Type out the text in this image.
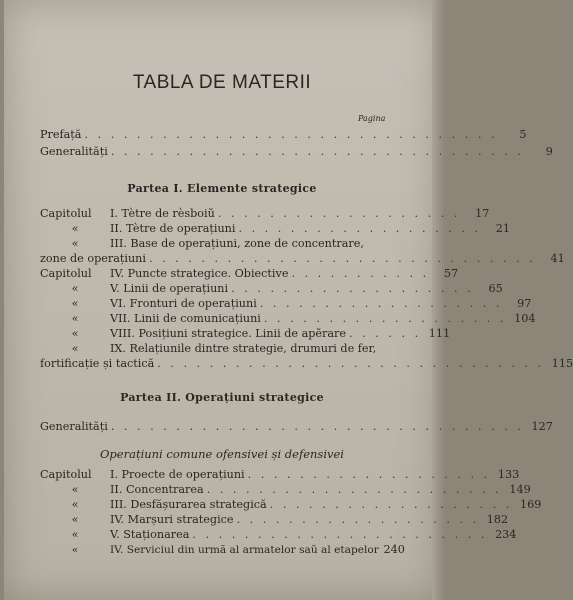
TABLA DE MATERII
Pagina
Prefață . . . . . . . . . . . . . . . . . . . . . . . . . . . . . . . .	5
Generalități . . . . . . . . . . . . . . . . . . . . . . . . . . . . . . . .	9
Partea I. Elemente strategice
Capitolul I. Tètre de rèsboiŭ . . . . . . . . . . . . . . . . . . .	17
«	II. Tètre de operațiuni . . . . . . . . . . . . . . . . . . .	21
«	III. Base de operațiuni, zone de concentrare,
zone de operațiuni . . . . . . . . . . . . . . . . . . . . . . . . . . . . . .	41
Capitolul IV. Puncte strategice. Obiective . . . . . . . . . . .	57
«	V. Linii de operațiuni . . . . . . . . . . . . . . . . . . .	65
«	VI. Fronturi de operațiuni . . . . . . . . . . . . . . . . . . .	97
«	VII. Linii de comunicațiuni . . . . . . . . . . . . . . . . . . . 104
«	VIII. Posițiuni strategice. Linii de apĕrare . . . . . . 111
«	IX. Relațiunile dintre strategie, drumuri de fer,
fortificație și tactică . . . . . . . . . . . . . . . . . . . . . . . . . . . . . . 115
Partea II. Operațiuni strategice
Generalități . . . . . . . . . . . . . . . . . . . . . . . . . . . . . . . . 127
Operațiuni comune ofensivei și defensivei
Capitolul I. Proecte de operațiuni . . . . . . . . . . . . . . . . . . . 133
«	II. Concentrarea . . . . . . . . . . . . . . . . . . . . . . . 149
«	III. Desfășurarea strategică . . . . . . . . . . . . . . . . . . . 169
«	IV. Marșuri strategice . . . . . . . . . . . . . . . . . . . 182
«	V. Staționarea . . . . . . . . . . . . . . . . . . . . . . . 234
«	IV. Serviciul din urmă al armatelor saŭ al etapelor 240
